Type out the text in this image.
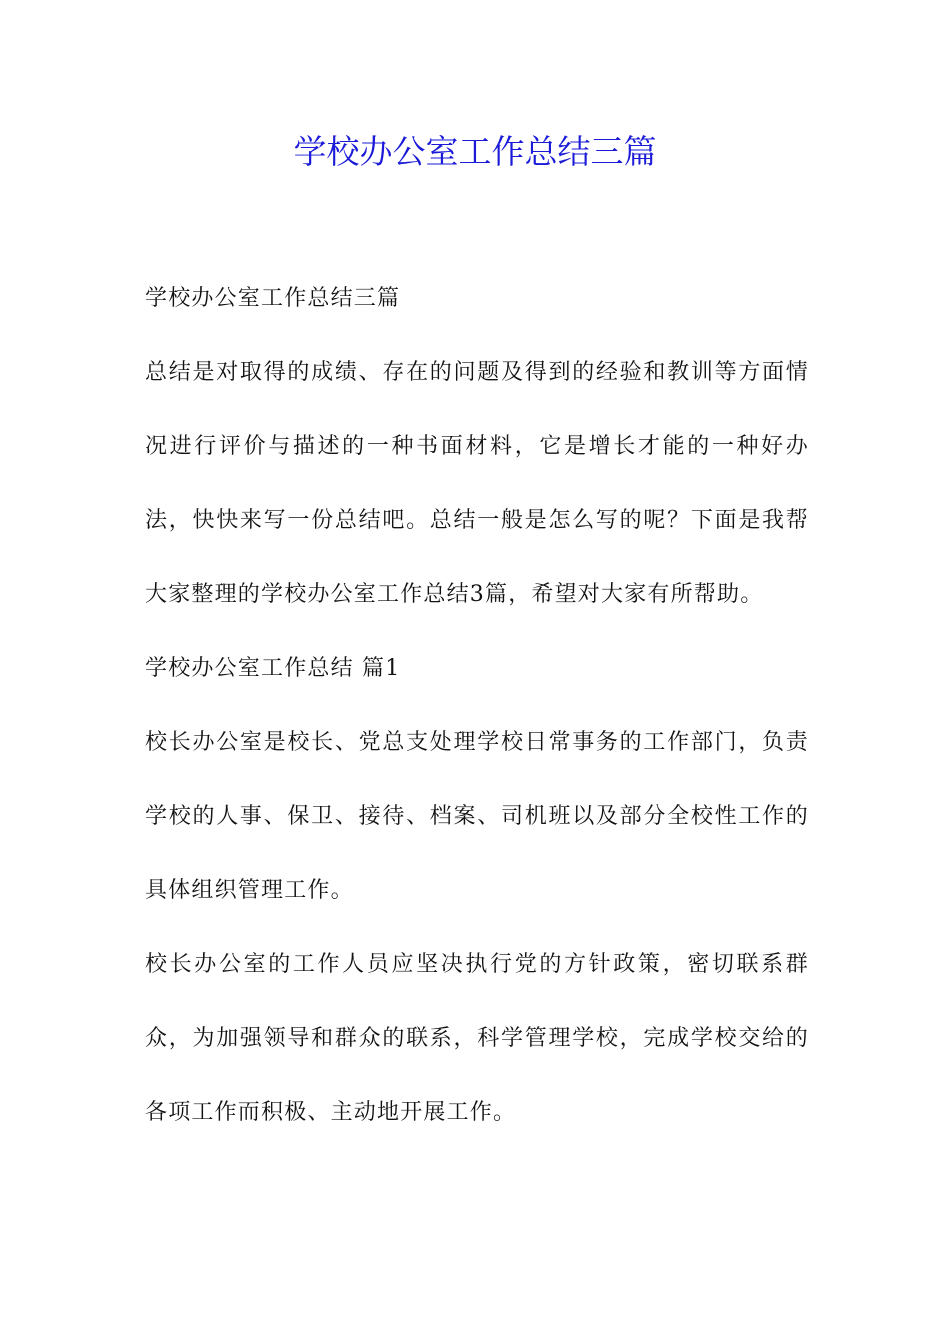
学校办公室工作总结三篇

学校办公室工作总结三篇

总结是对取得的成绩、存在的问题及得到的经验和教训等方面情况进行评价与描述的一种书面材料，它是增长才能的一种好办法，快快来写一份总结吧。总结一般是怎么写的呢？下面是我帮大家整理的学校办公室工作总结3篇，希望对大家有所帮助。

学校办公室工作总结 篇1

校长办公室是校长、党总支处理学校日常事务的工作部门，负责学校的人事、保卫、接待、档案、司机班以及部分全校性工作的具体组织管理工作。

校长办公室的工作人员应坚决执行党的方针政策，密切联系群众，为加强领导和群众的联系，科学管理学校，完成学校交给的各项工作而积极、主动地开展工作。
